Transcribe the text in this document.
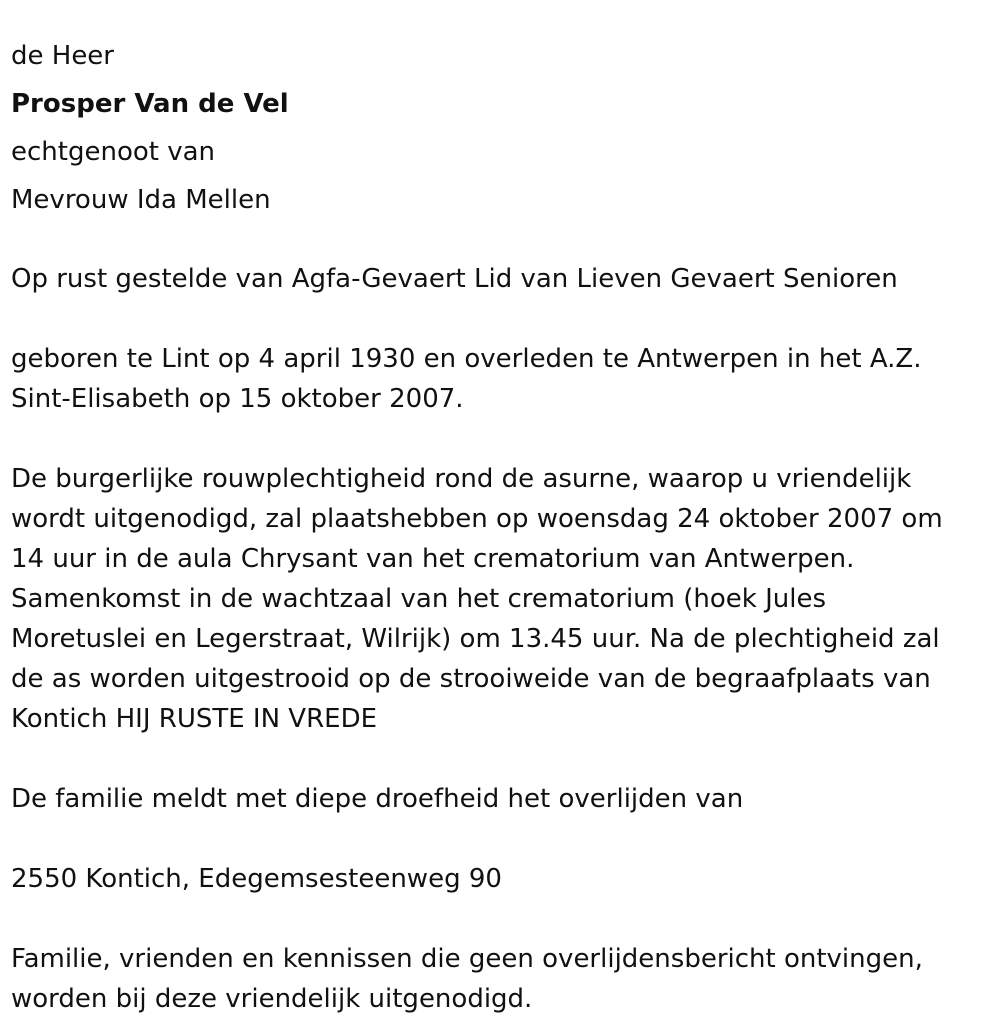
de Heer

Prosper Van de Vel

echtgenoot van

Mevrouw Ida Mellen

Op rust gestelde van Agfa-Gevaert Lid van Lieven Gevaert Senioren

geboren te Lint op 4 april 1930 en overleden te Antwerpen in het A.Z.
Sint-Elisabeth op 15 oktober 2007.

De burgerlijke rouwplechtigheid rond de asurne, waarop u vriendelijk
wordt uitgenodigd, zal plaatshebben op woensdag 24 oktober 2007 om
14 uur in de aula Chrysant van het crematorium van Antwerpen.
Samenkomst in de wachtzaal van het crematorium (hoek Jules
Moretuslei en Legerstraat, Wilrijk) om 13.45 uur. Na de plechtigheid zal
de as worden uitgestrooid op de strooiweide van de begraafplaats van
Kontich HIJ RUSTE IN VREDE

De familie meldt met diepe droefheid het overlijden van

2550 Kontich, Edegemsesteenweg 90

Familie, vrienden en kennissen die geen overlijdensbericht ontvingen,
worden bij deze vriendelijk uitgenodigd.
